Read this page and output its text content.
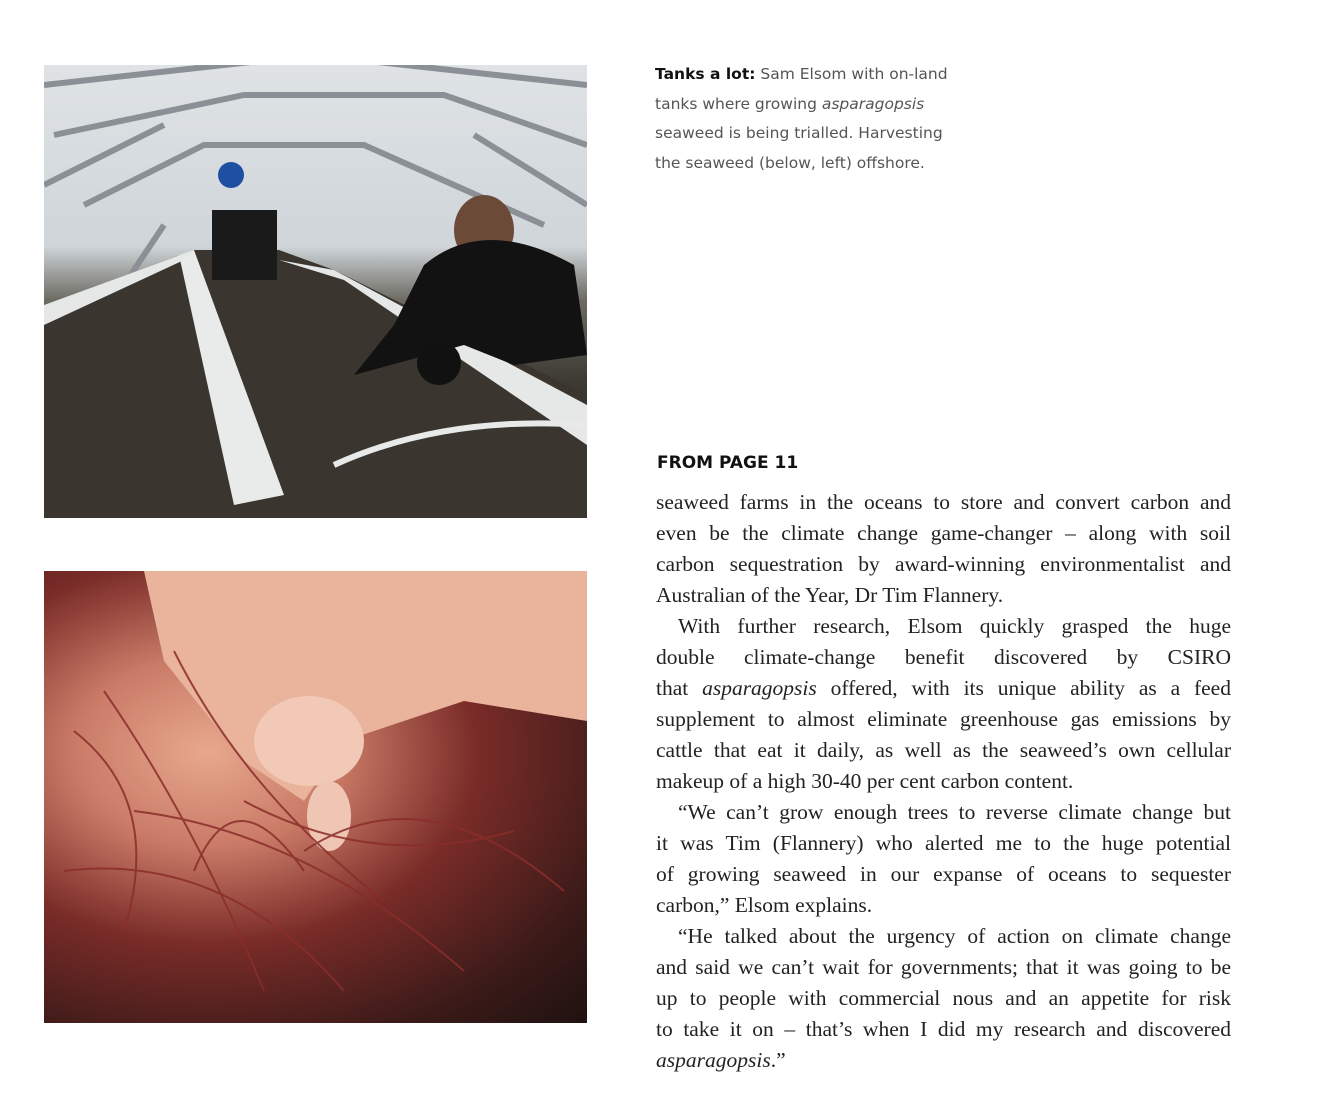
Tanks a lot: Sam Elsom with on-land tanks where growing asparagopsis seaweed is being trialled. Harvesting the seaweed (below, left) offshore.
FROM PAGE 11
seaweed farms in the oceans to store and convert carbon and
even be the climate change game-changer – along with soil
carbon sequestration by award-winning environmentalist and
Australian of the Year, Dr Tim Flannery.
With further research, Elsom quickly grasped the huge
double climate-change benefit discovered by CSIRO
that asparagopsis offered, with its unique ability as a feed
supplement to almost eliminate greenhouse gas emissions by
cattle that eat it daily, as well as the seaweed’s own cellular
makeup of a high 30-40 per cent carbon content.
“We can’t grow enough trees to reverse climate change but
it was Tim (Flannery) who alerted me to the huge potential
of growing seaweed in our expanse of oceans to sequester
carbon,” Elsom explains.
“He talked about the urgency of action on climate change
and said we can’t wait for governments; that it was going to be
up to people with commercial nous and an appetite for risk
to take it on – that’s when I did my research and discovered
asparagopsis.”
